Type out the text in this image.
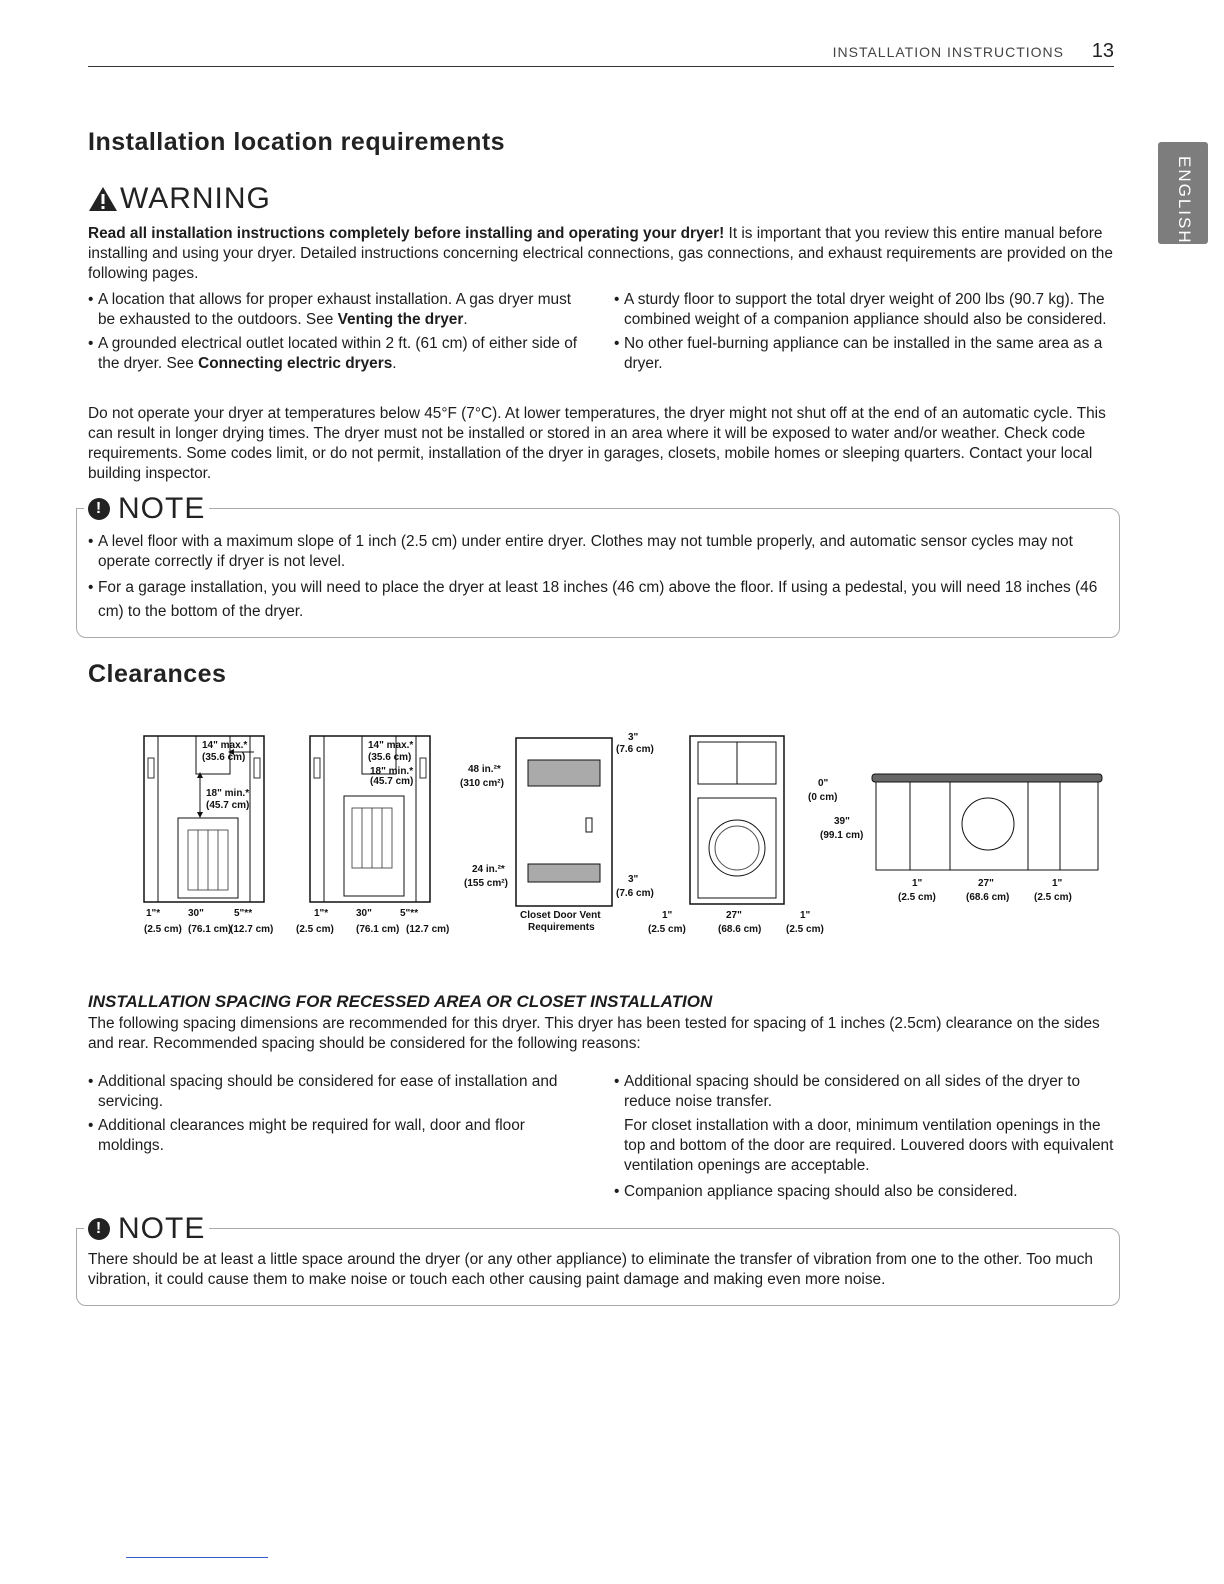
INSTALLATION INSTRUCTIONS 13
ENGLISH
Installation location requirements
WARNING
Read all installation instructions completely before installing and operating your dryer! It is important that you review this entire manual before installing and using your dryer. Detailed instructions concerning electrical connections, gas connections, and exhaust requirements are provided on the following pages.
• A location that allows for proper exhaust installation. A gas dryer must be exhausted to the outdoors. See Venting the dryer.
• A grounded electrical outlet located within 2 ft. (61 cm) of either side of the dryer. See Connecting electric dryers.
• A sturdy floor to support the total dryer weight of 200 lbs (90.7 kg). The combined weight of a companion appliance should also be considered.
• No other fuel-burning appliance can be installed in the same area as a dryer.
Do not operate your dryer at temperatures below 45°F (7°C). At lower temperatures, the dryer might not shut off at the end of an automatic cycle. This can result in longer drying times. The dryer must not be installed or stored in an area where it will be exposed to water and/or weather. Check code requirements. Some codes limit, or do not permit, installation of the dryer in garages, closets, mobile homes or sleeping quarters. Contact your local building inspector.
! NOTE
• A level floor with a maximum slope of 1 inch (2.5 cm) under entire dryer. Clothes may not tumble properly, and automatic sensor cycles may not operate correctly if dryer is not level.
• For a garage installation, you will need to place the dryer at least 18 inches (46 cm) above the floor. If using a pedestal, you will need 18 inches (46 cm) to the bottom of the dryer.
Clearances
14" max.*
(35.6 cm)
18" min.*
(45.7 cm)
1"*	30"	5"**
(2.5 cm) (76.1 cm)
(12.7 cm)
14" max.*
(35.6 cm)
18" min.*
(45.7 cm)
1"*	30"	5"**
(2.5 cm) (76.1 cm) (12.7 cm)
48 in.²*
(310 cm²)
24 in.²*
(155 cm²)
3"
(7.6 cm)
3"
(7.6 cm)
Closet Door Vent
Requirements
1"	27"	1"
(2.5 cm)	(68.6 cm) (2.5 cm)
0"
(0 cm)
39"
(99.1 cm)
1"	27"	1"
(2.5 cm)	(68.6 cm) (2.5 cm)
INSTALLATION SPACING FOR RECESSED AREA OR CLOSET INSTALLATION
The following spacing dimensions are recommended for this dryer. This dryer has been tested for spacing of 1 inches (2.5cm) clearance on the sides and rear. Recommended spacing should be considered for the following reasons:
• Additional spacing should be considered for ease of installation and servicing.
• Additional clearances might be required for wall, door and floor moldings.
• Additional spacing should be considered on all sides of the dryer to reduce noise transfer.
For closet installation with a door, minimum ventilation openings in the top and bottom of the door are required. Louvered doors with equivalent ventilation openings are acceptable.
• Companion appliance spacing should also be considered.
! NOTE
There should be at least a little space around the dryer (or any other appliance) to eliminate the transfer of vibration from one to the other. Too much vibration, it could cause them to make noise or touch each other causing paint damage and making even more noise.
